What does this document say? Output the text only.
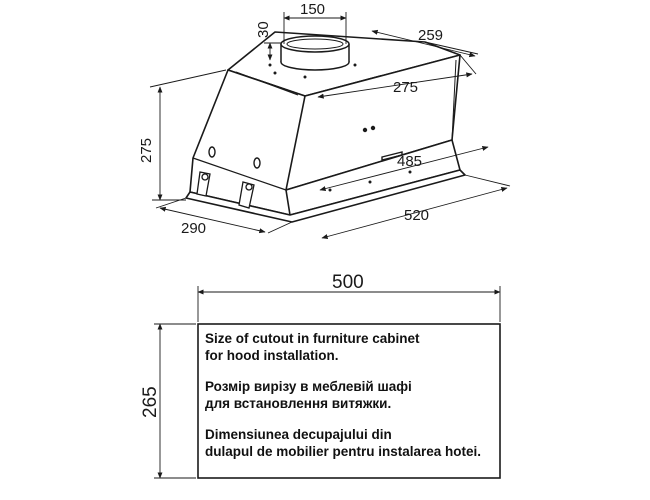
150
30	259
275
275	485
290
520
500
265

Size of cutout in furniture cabinet
for hood installation.

Розмір вирізу в меблевій шафі
для встановлення витяжки.

Dimensiunea decupajului din
dulapul de mobilier pentru instalarea hotei.
